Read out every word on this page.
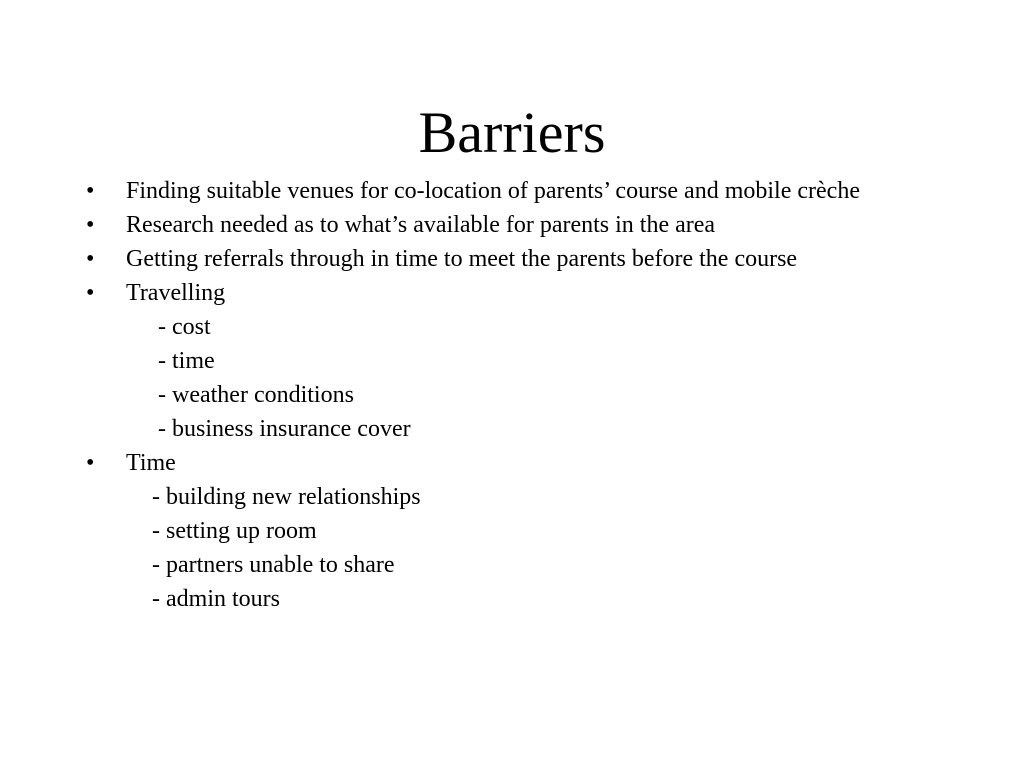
Barriers
•	Finding suitable venues for co-location of parents’ course and mobile crèche
•	Research needed as to what’s available for parents in the area
•	Getting referrals through in time to meet the parents before the course
•	Travelling
- cost
- time
- weather conditions
- business insurance cover
•	Time
- building new relationships
- setting up room
- partners unable to share
- admin tours
